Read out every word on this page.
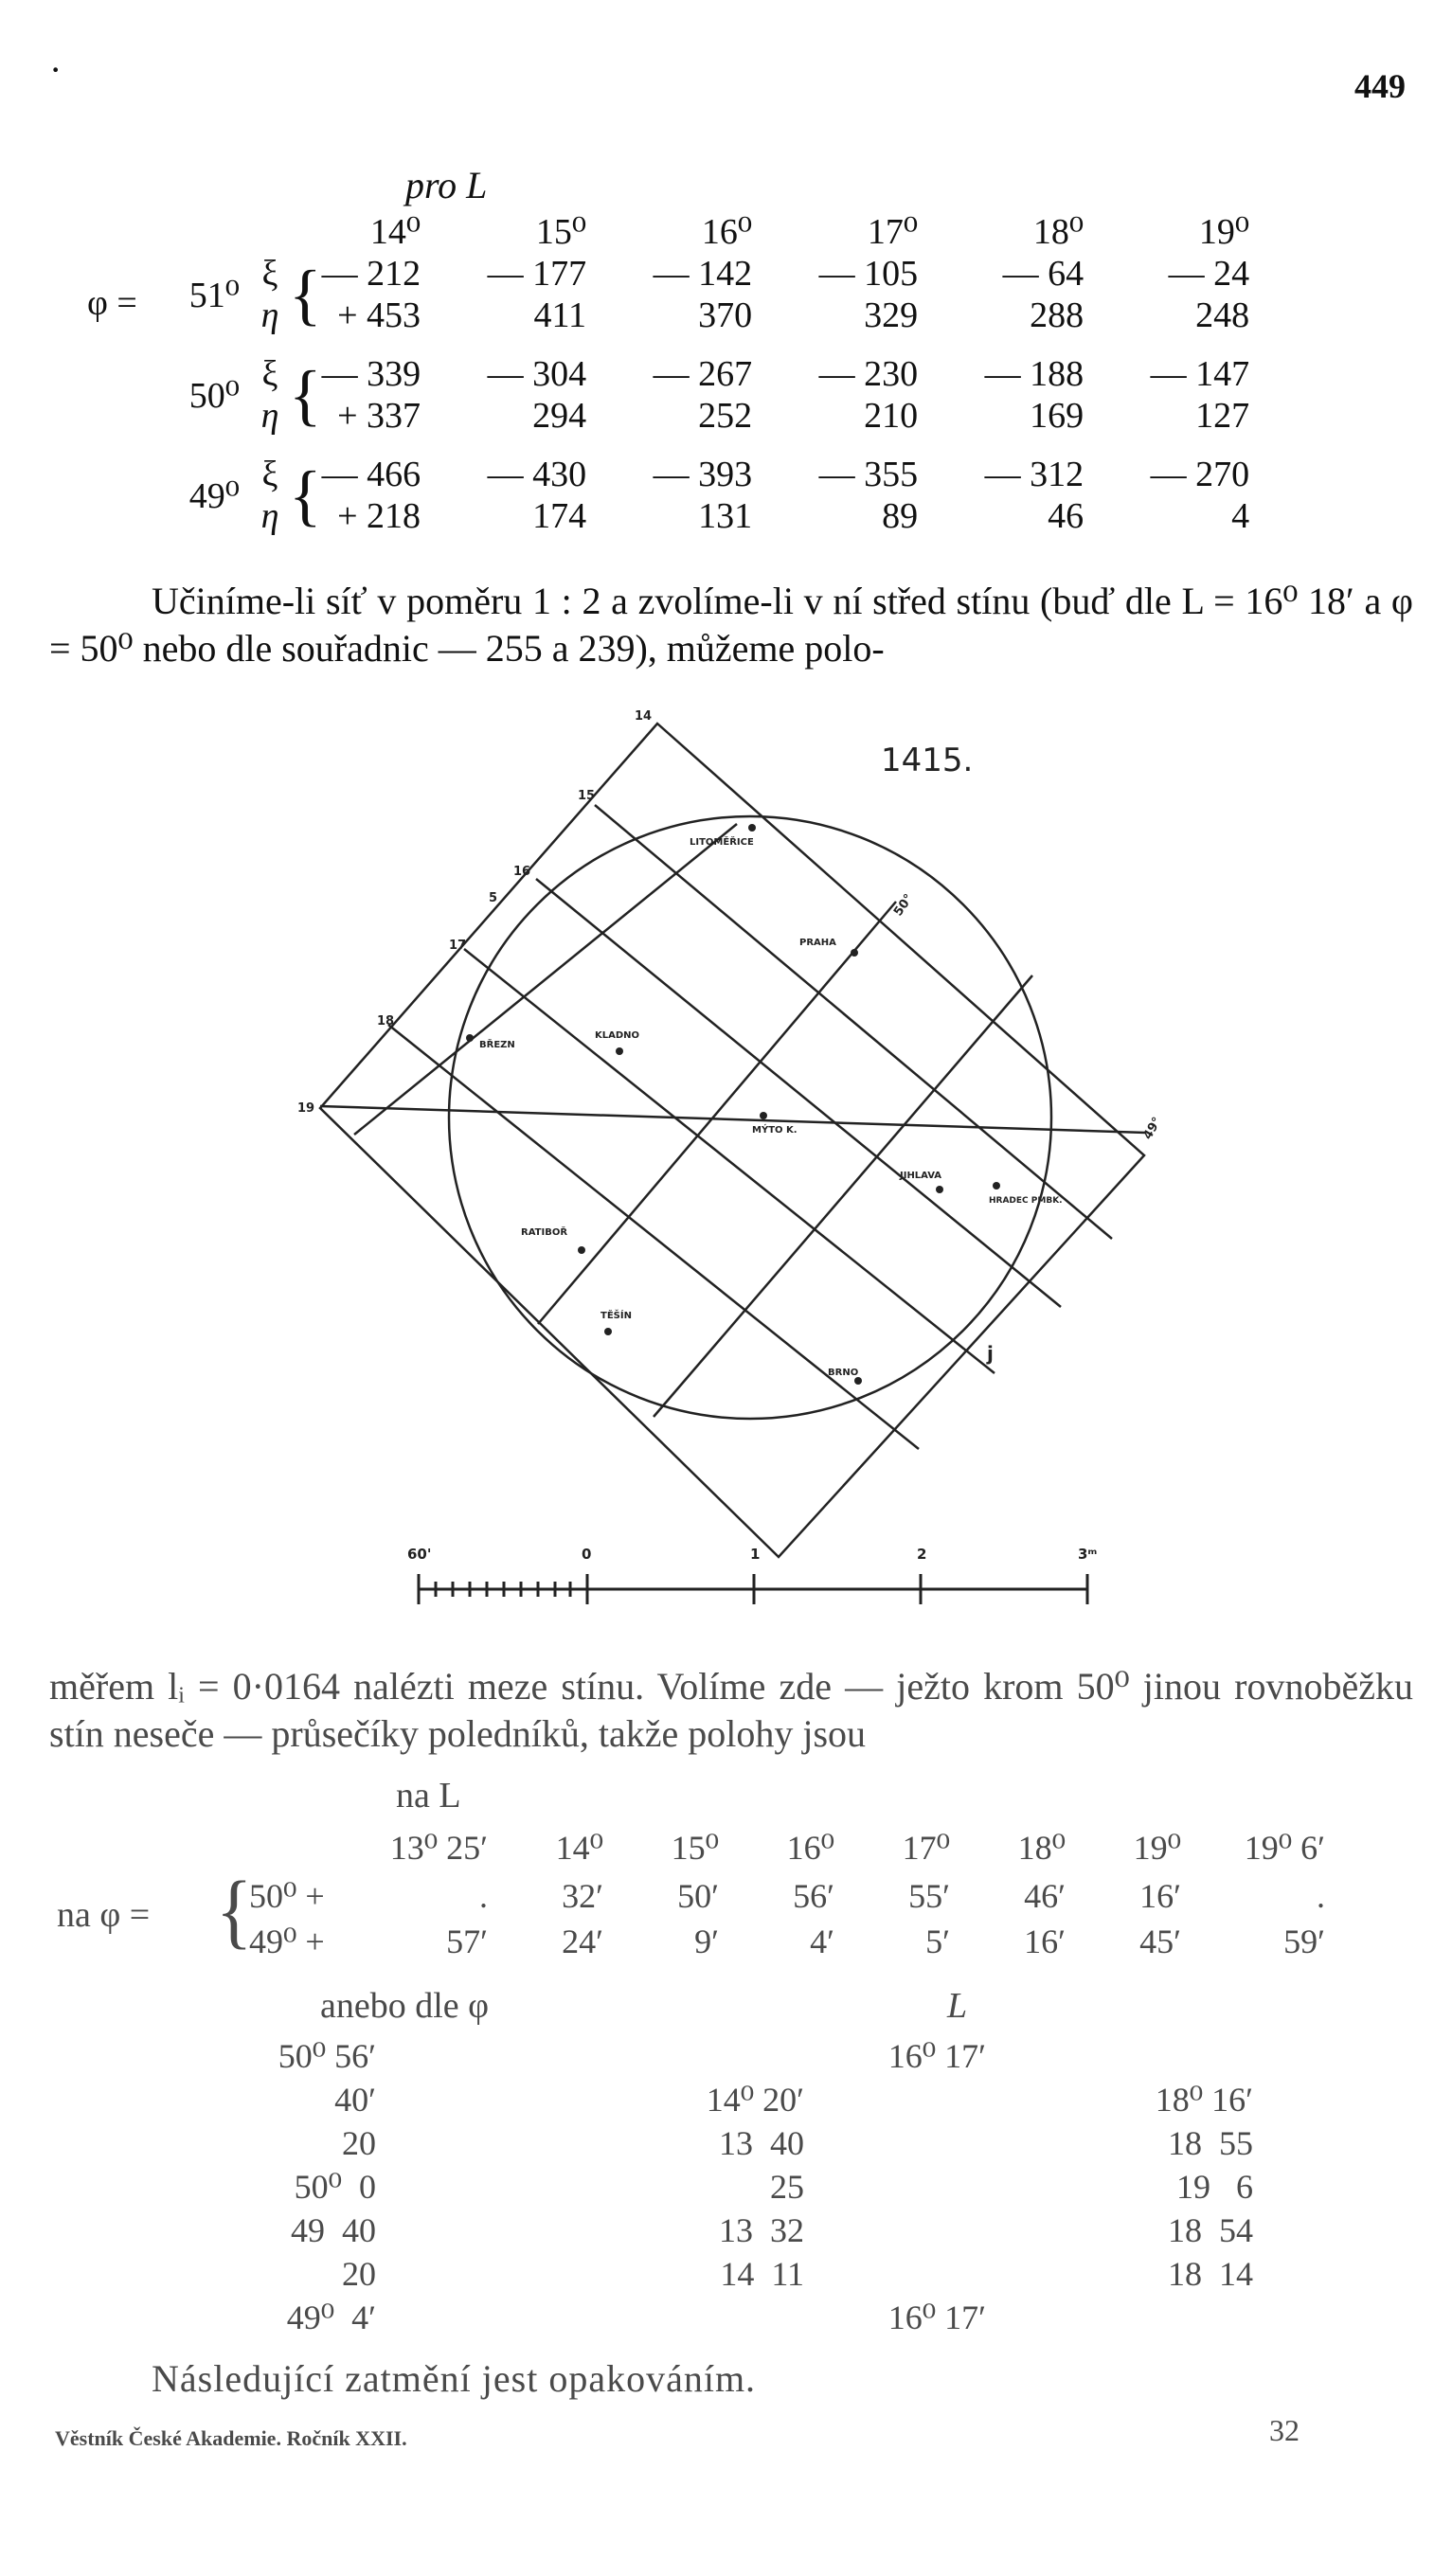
·	449
pro L
φ =
			14⁰	15⁰	16⁰	17⁰	18⁰	19⁰
51⁰	ξ	{	— 212	— 177	— 142	— 105	— 64	— 24
	η		+ 453	411	370	329	288	248

50⁰	ξ	{	— 339	— 304	— 267	— 230	— 188	— 147
	η		+ 337	294	252	210	169	127

49⁰	ξ	{	— 466	— 430	— 393	— 355	— 312	— 270
	η		+ 218	174	131	89	46	4
Učiníme-li síť v poměru 1 : 2 a zvolíme-li v ní střed stínu (buď dle L = 16⁰ 18′ a φ = 50⁰ nebo dle souřadnic — 255 a 239), můžeme polo-
1415.
14
15
16
17
18
19
5
j
50°
49°
LITOMĚŘICE
PRAHA
KLADNO
BŘEZN
MÝTO K.
JIHLAVA
HRADEC PMBK.
RATIBOŘ
TĚŠÍN
BRNO
60'	0	1	2	3ᵐ
měřem lᵢ = 0·0164 nalézti meze stínu. Volíme zde — ježto krom 50⁰ jinou rovnoběžku stín neseče — průsečíky poledníků, takže polohy jsou
na L
na φ = {
	13⁰ 25′	14⁰	15⁰	16⁰	17⁰	18⁰	19⁰	19⁰ 6′
50⁰ +	.	32′	50′	56′	55′	46′	16′	.
49⁰ +	57′	24′	9′	4′	5′	16′	45′	59′
anebo dle φ	L
50⁰ 56′		16⁰ 17′	
40′	14⁰ 20′		18⁰ 16′
20	13  40		18  55
50⁰  0	25		19   6
49  40	13  32		18  54
20	14  11		18  14
49⁰  4′		16⁰ 17′	
Následující zatmění jest opakováním.
Věstník České Akademie. Ročník XXII.	32
